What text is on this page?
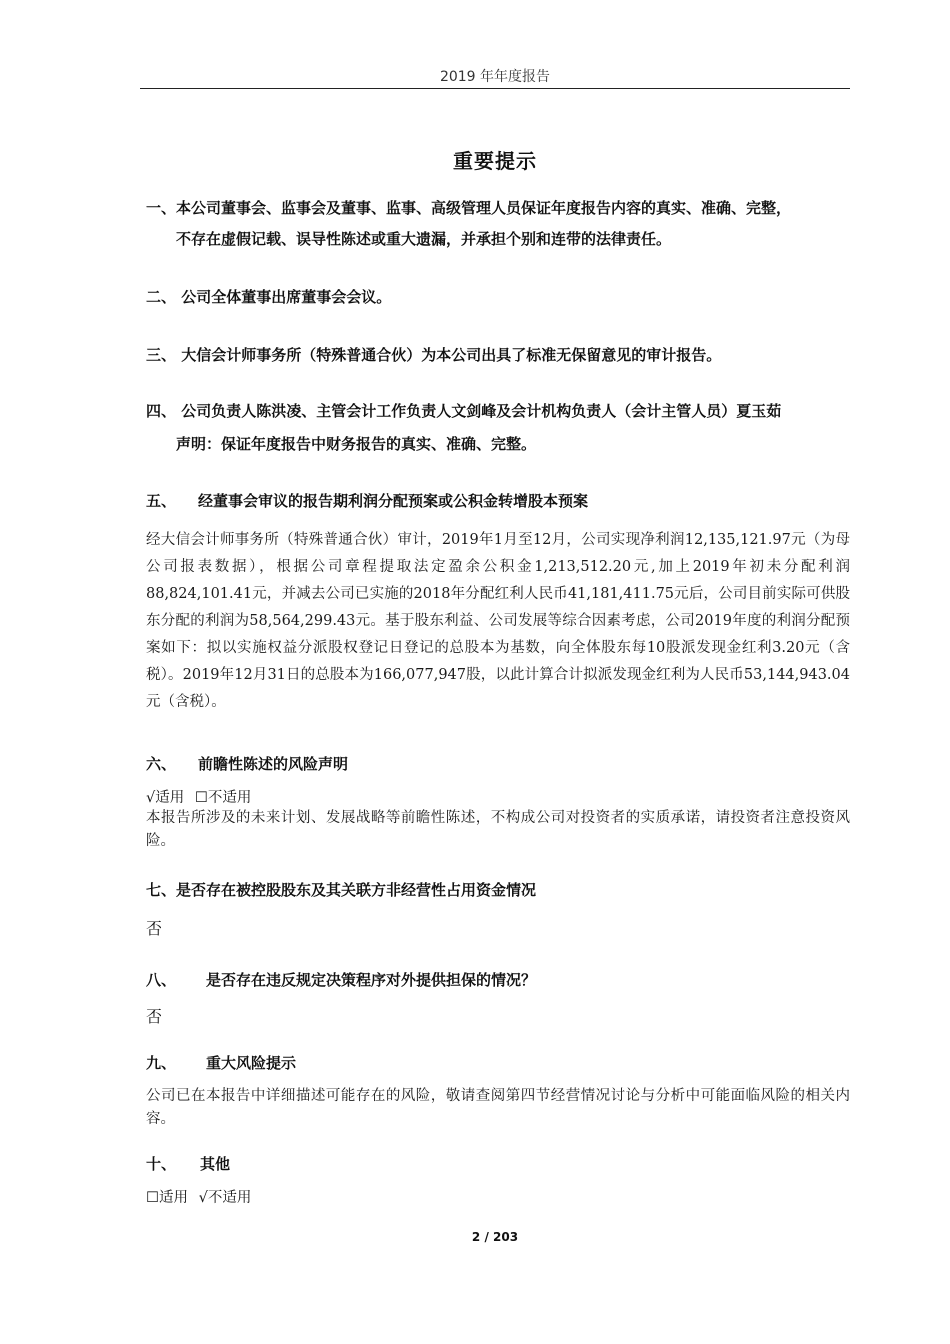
2019 年年度报告
重要提示
一、本公司董事会、监事会及董事、监事、高级管理人员保证年度报告内容的真实、准确、完整，
不存在虚假记载、误导性陈述或重大遗漏，并承担个别和连带的法律责任。
二、 公司全体董事出席董事会会议。
三、 大信会计师事务所（特殊普通合伙）为本公司出具了标准无保留意见的审计报告。
四、 公司负责人陈洪凌、主管会计工作负责人文剑峰及会计机构负责人（会计主管人员）夏玉茹
声明：保证年度报告中财务报告的真实、准确、完整。
五、 经董事会审议的报告期利润分配预案或公积金转增股本预案
经大信会计师事务所（特殊普通合伙）审计，2019年1月至12月，公司实现净利润12,135,121.97元（为母公司报表数据），根据公司章程提取法定盈余公积金1,213,512.20元,加上2019年初未分配利润88,824,101.41元，并减去公司已实施的2018年分配红利人民币41,181,411.75元后，公司目前实际可供股东分配的利润为58,564,299.43元。基于股东利益、公司发展等综合因素考虑，公司2019年度的利润分配预案如下：拟以实施权益分派股权登记日登记的总股本为基数，向全体股东每10股派发现金红利3.20元（含税）。2019年12月31日的总股本为166,077,947股，以此计算合计拟派发现金红利为人民币53,144,943.04元（含税）。
六、 前瞻性陈述的风险声明
√适用 ☐不适用
本报告所涉及的未来计划、发展战略等前瞻性陈述，不构成公司对投资者的实质承诺，请投资者注意投资风险。
七、是否存在被控股股东及其关联方非经营性占用资金情况
否
八、 是否存在违反规定决策程序对外提供担保的情况？
否
九、 重大风险提示
公司已在本报告中详细描述可能存在的风险，敬请查阅第四节经营情况讨论与分析中可能面临风险的相关内容。
十、 其他
☐适用 √不适用
2 / 203
